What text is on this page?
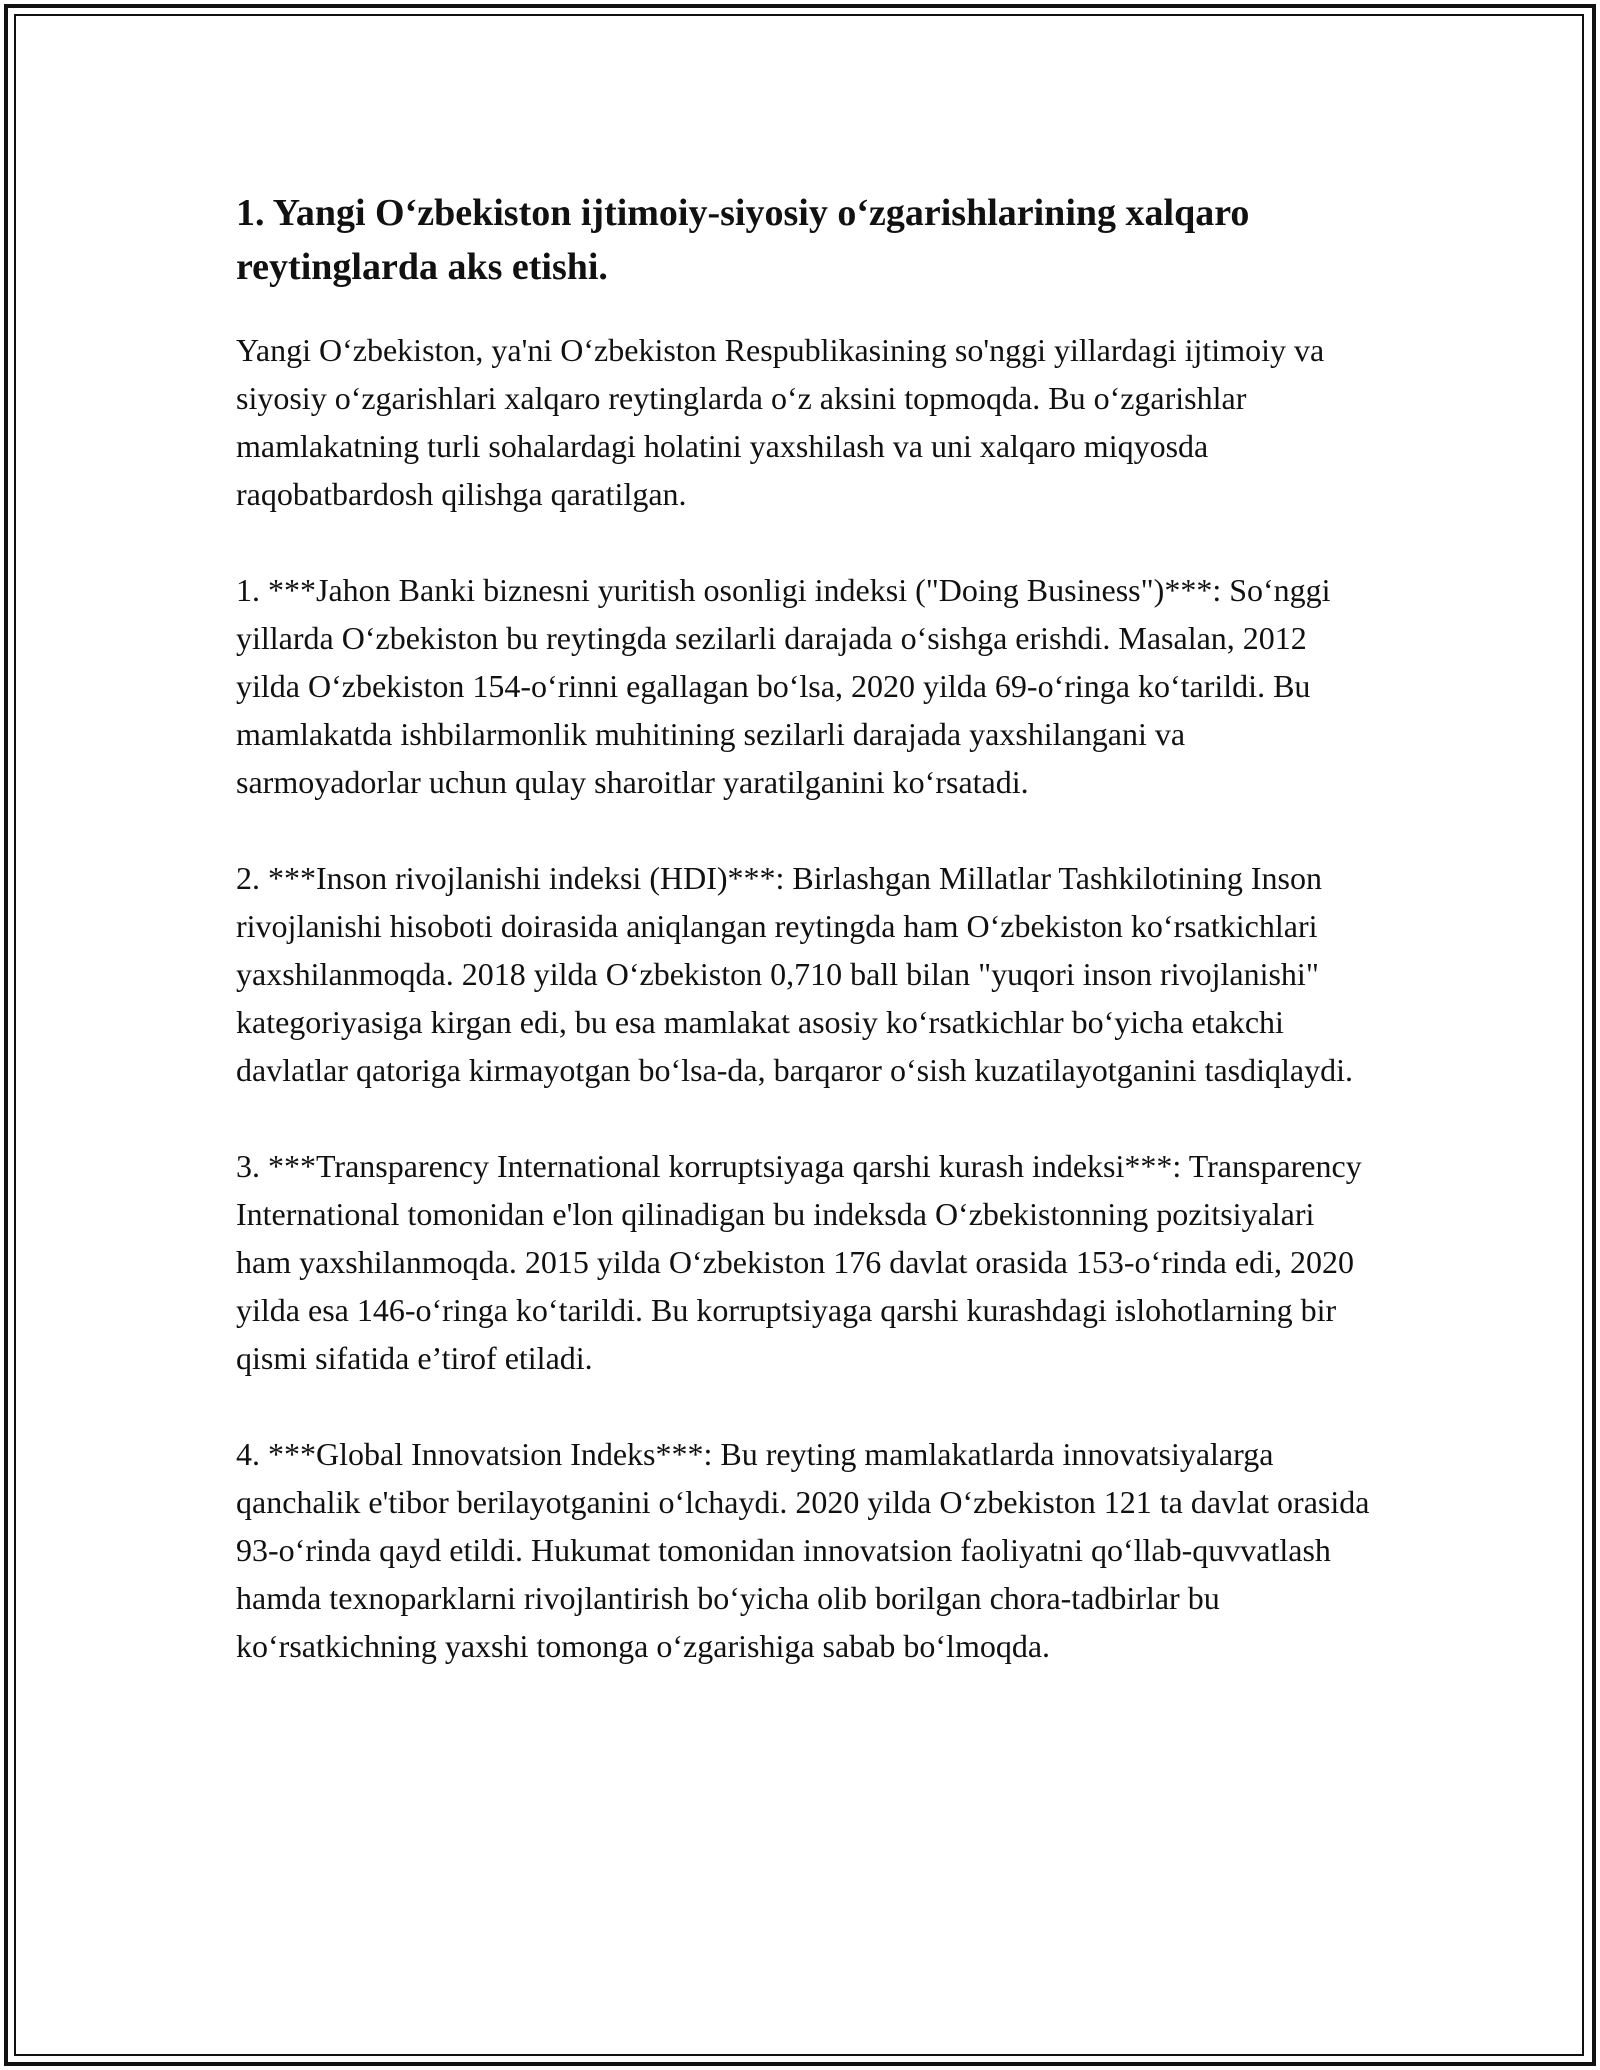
1. Yangi O‘zbekiston ijtimoiy-siyosiy o‘zgarishlarining xalqaro reytinglarda aks etishi.

Yangi O‘zbekiston, ya'ni O‘zbekiston Respublikasining so'nggi yillardagi ijtimoiy va siyosiy o‘zgarishlari xalqaro reytinglarda o‘z aksini topmoqda. Bu o‘zgarishlar mamlakatning turli sohalardagi holatini yaxshilash va uni xalqaro miqyosda raqobatbardosh qilishga qaratilgan.

1. ***Jahon Banki biznesni yuritish osonligi indeksi ("Doing Business")***: So‘nggi yillarda O‘zbekiston bu reytingda sezilarli darajada o‘sishga erishdi. Masalan, 2012 yilda O‘zbekiston 154-o‘rinni egallagan bo‘lsa, 2020 yilda 69-o‘ringa ko‘tarildi. Bu mamlakatda ishbilarmonlik muhitining sezilarli darajada yaxshilangani va sarmoyadorlar uchun qulay sharoitlar yaratilganini ko‘rsatadi.

2. ***Inson rivojlanishi indeksi (HDI)***: Birlashgan Millatlar Tashkilotining Inson rivojlanishi hisoboti doirasida aniqlangan reytingda ham O‘zbekiston ko‘rsatkichlari yaxshilanmoqda. 2018 yilda O‘zbekiston 0,710 ball bilan "yuqori inson rivojlanishi" kategoriyasiga kirgan edi, bu esa mamlakat asosiy ko‘rsatkichlar bo‘yicha etakchi davlatlar qatoriga kirmayotgan bo‘lsa-da, barqaror o‘sish kuzatilayotganini tasdiqlaydi.

3. ***Transparency International korruptsiyaga qarshi kurash indeksi***: Transparency International tomonidan e'lon qilinadigan bu indeksda O‘zbekistonning pozitsiyalari ham yaxshilanmoqda. 2015 yilda O‘zbekiston 176 davlat orasida 153-o‘rinda edi, 2020 yilda esa 146-o‘ringa ko‘tarildi. Bu korruptsiyaga qarshi kurashdagi islohotlarning bir qismi sifatida e’tirof etiladi.

4. ***Global Innovatsion Indeks***: Bu reyting mamlakatlarda innovatsiyalarga qanchalik e'tibor berilayotganini o‘lchaydi. 2020 yilda O‘zbekiston 121 ta davlat orasida 93-o‘rinda qayd etildi. Hukumat tomonidan innovatsion faoliyatni qo‘llab-quvvatlash hamda texnoparklarni rivojlantirish bo‘yicha olib borilgan chora-tadbirlar bu ko‘rsatkichning yaxshi tomonga o‘zgarishiga sabab bo‘lmoqda.
